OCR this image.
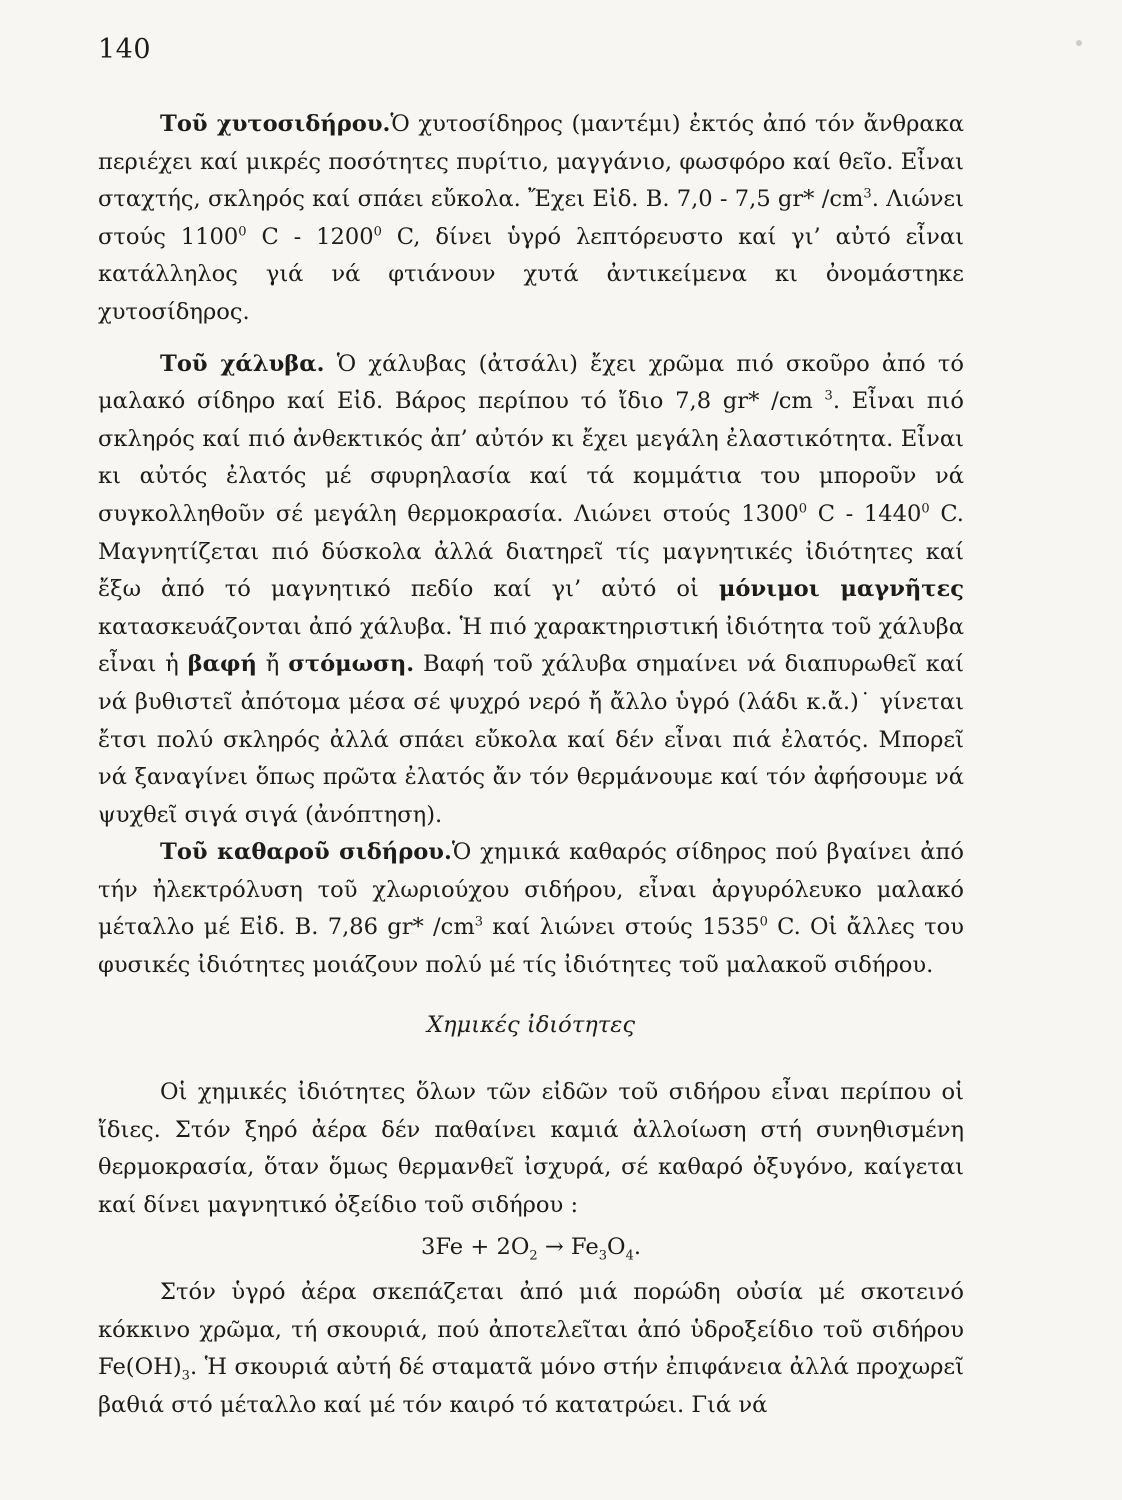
140

Τοῦ χυτοσιδήρου.Ὁ χυτοσίδηρος (μαντέμι) ἐκτός ἀπό τόν ἄνθρακα περιέχει καί μικρές ποσότητες πυρίτιο, μαγγάνιο, φωσφόρο καί θεῖο. Εἶναι σταχτής, σκληρός καί σπάει εὔκολα. Ἔχει Εἰδ. Β. 7,0 - 7,5 gr* $/cm^3$. Λιώνει στούς 1100$^0$ C - 1200$^0$ C, δίνει ὑγρό λεπτόρευστο καί γι’ αὐτό εἶναι κατάλληλος γιά νά φτιάνουν χυτά ἀντικείμενα κι ὀνομάστηκε χυτοσίδηρος.

Τοῦ χάλυβα. Ὁ χάλυβας (ἀτσάλι) ἔχει χρῶμα πιό σκοῦρο ἀπό τό μαλακό σίδηρο καί Εἰδ. Βάρος περίπου τό ἴδιο 7,8 gr* /cm $^3$. Εἶναι πιό σκληρός καί πιό ἀνθεκτικός ἀπ’ αὐτόν κι ἔχει μεγάλη ἐλαστικότητα. Εἶναι κι αὐτός ἐλατός μέ σφυρηλασία καί τά κομμάτια του μποροῦν νά συγκολληθοῦν σέ μεγάλη θερμοκρασία. Λιώνει στούς 1300$^0$ C - 1440$^0$ C. Μαγνητίζεται πιό δύσκολα ἀλλά διατηρεῖ τίς μαγνητικές ἰδιότητες καί ἔξω ἀπό τό μαγνητικό πεδίο καί γι’ αὐτό οἱ μόνιμοι μαγνῆτες κατασκευάζονται ἀπό χάλυβα. Ἡ πιό χαρακτηριστική ἰδιότητα τοῦ χάλυβα εἶναι ἡ βαφή ἤ στόμωση. Βαφή τοῦ χάλυβα σημαίνει νά διαπυρωθεῖ καί νά βυθιστεῖ ἀπότομα μέσα σέ ψυχρό νερό ἤ ἄλλο ὑγρό (λάδι κ.ἄ.)˙ γίνεται ἔτσι πολύ σκληρός ἀλλά σπάει εὔκολα καί δέν εἶναι πιά ἐλατός. Μπορεῖ νά ξαναγίνει ὅπως πρῶτα ἐλατός ἄν τόν θερμάνουμε καί τόν ἀφήσουμε νά ψυχθεῖ σιγά σιγά (ἀνόπτηση).

Τοῦ καθαροῦ σιδήρου.Ὁ χημικά καθαρός σίδηρος πού βγαίνει ἀπό τήν ἠλεκτρόλυση τοῦ χλωριούχου σιδήρου, εἶναι ἀργυρόλευκο μαλακό μέταλλο μέ Εἰδ. Β. 7,86 gr* $/cm^3$ καί λιώνει στούς 1535$^0$ C. Οἱ ἄλλες του φυσικές ἰδιότητες μοιάζουν πολύ μέ τίς ἰδιότητες τοῦ μαλακοῦ σιδήρου.

Χημικές ἰδιότητες

Οἱ χημικές ἰδιότητες ὅλων τῶν εἰδῶν τοῦ σιδήρου εἶναι περίπου οἱ ἴδιες. Στόν ξηρό ἀέρα δέν παθαίνει καμιά ἀλλοίωση στή συνηθισμένη θερμοκρασία, ὅταν ὅμως θερμανθεῖ ἰσχυρά, σέ καθαρό ὀξυγόνο, καίγεται καί δίνει μαγνητικό ὀξείδιο τοῦ σιδήρου :

$3Fe + 2O_2 \to Fe_3O_4$.

Στόν ὑγρό ἀέρα σκεπάζεται ἀπό μιά πορώδη οὐσία μέ σκοτεινό κόκκινο χρῶμα, τή σκουριά, πού ἀποτελεῖται ἀπό ὑδροξείδιο τοῦ σιδήρου $Fe(OH)_3$. Ἡ σκουριά αὐτή δέ σταματᾶ μόνο στήν ἐπιφάνεια ἀλλά προχωρεῖ βαθιά στό μέταλλο καί μέ τόν καιρό τό κατατρώει. Γιά νά
